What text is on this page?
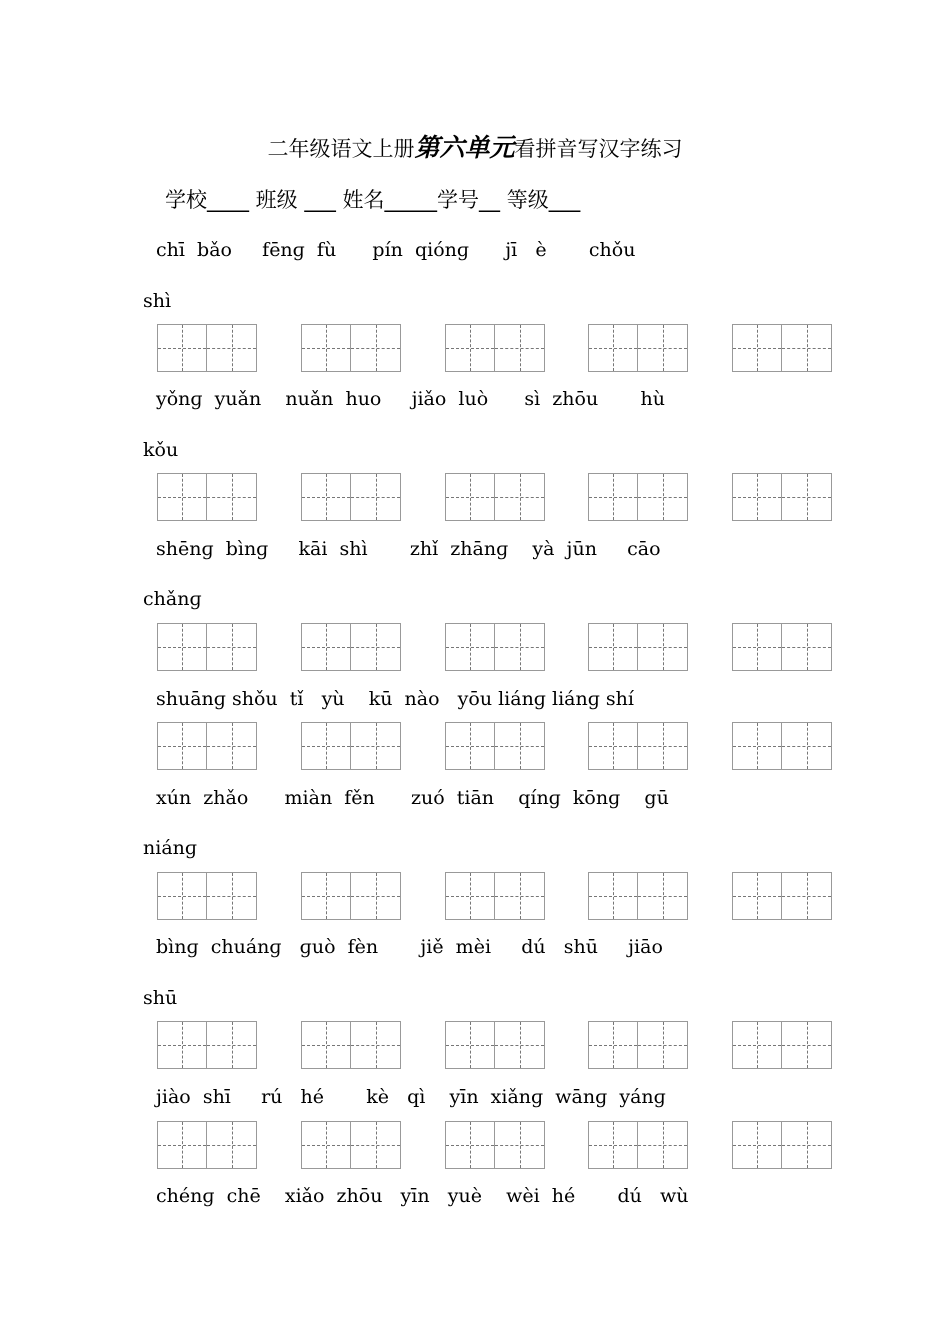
二年级语文上册第六单元看拼音写汉字练习
学校____ 班级 ___ 姓名_____学号__ 等级___
chī  bǎo     fēnɡ  fù      pín  qiónɡ      jī   è       chǒu
shì
yǒnɡ  yuǎn    nuǎn  huo     jiǎo  luò      sì  zhōu       hù
kǒu
shēnɡ  bìnɡ     kāi  shì       zhǐ  zhānɡ    yà  jūn     cāo
chǎnɡ
shuānɡ shǒu  tǐ   yù    kū  nào   yōu liánɡ liánɡ shí
xún  zhǎo      miàn  fěn      zuó  tiān    qínɡ  kōnɡ    gū
niánɡ
bìnɡ  chuánɡ   ɡuò  fèn       jiě  mèi     dú   shū     jiāo
shū
jiào  shī     rú   hé       kè   qì    yīn  xiǎnɡ  wānɡ  yánɡ
chénɡ  chē    xiǎo  zhōu   yīn   yuè    wèi  hé       dú   wù
